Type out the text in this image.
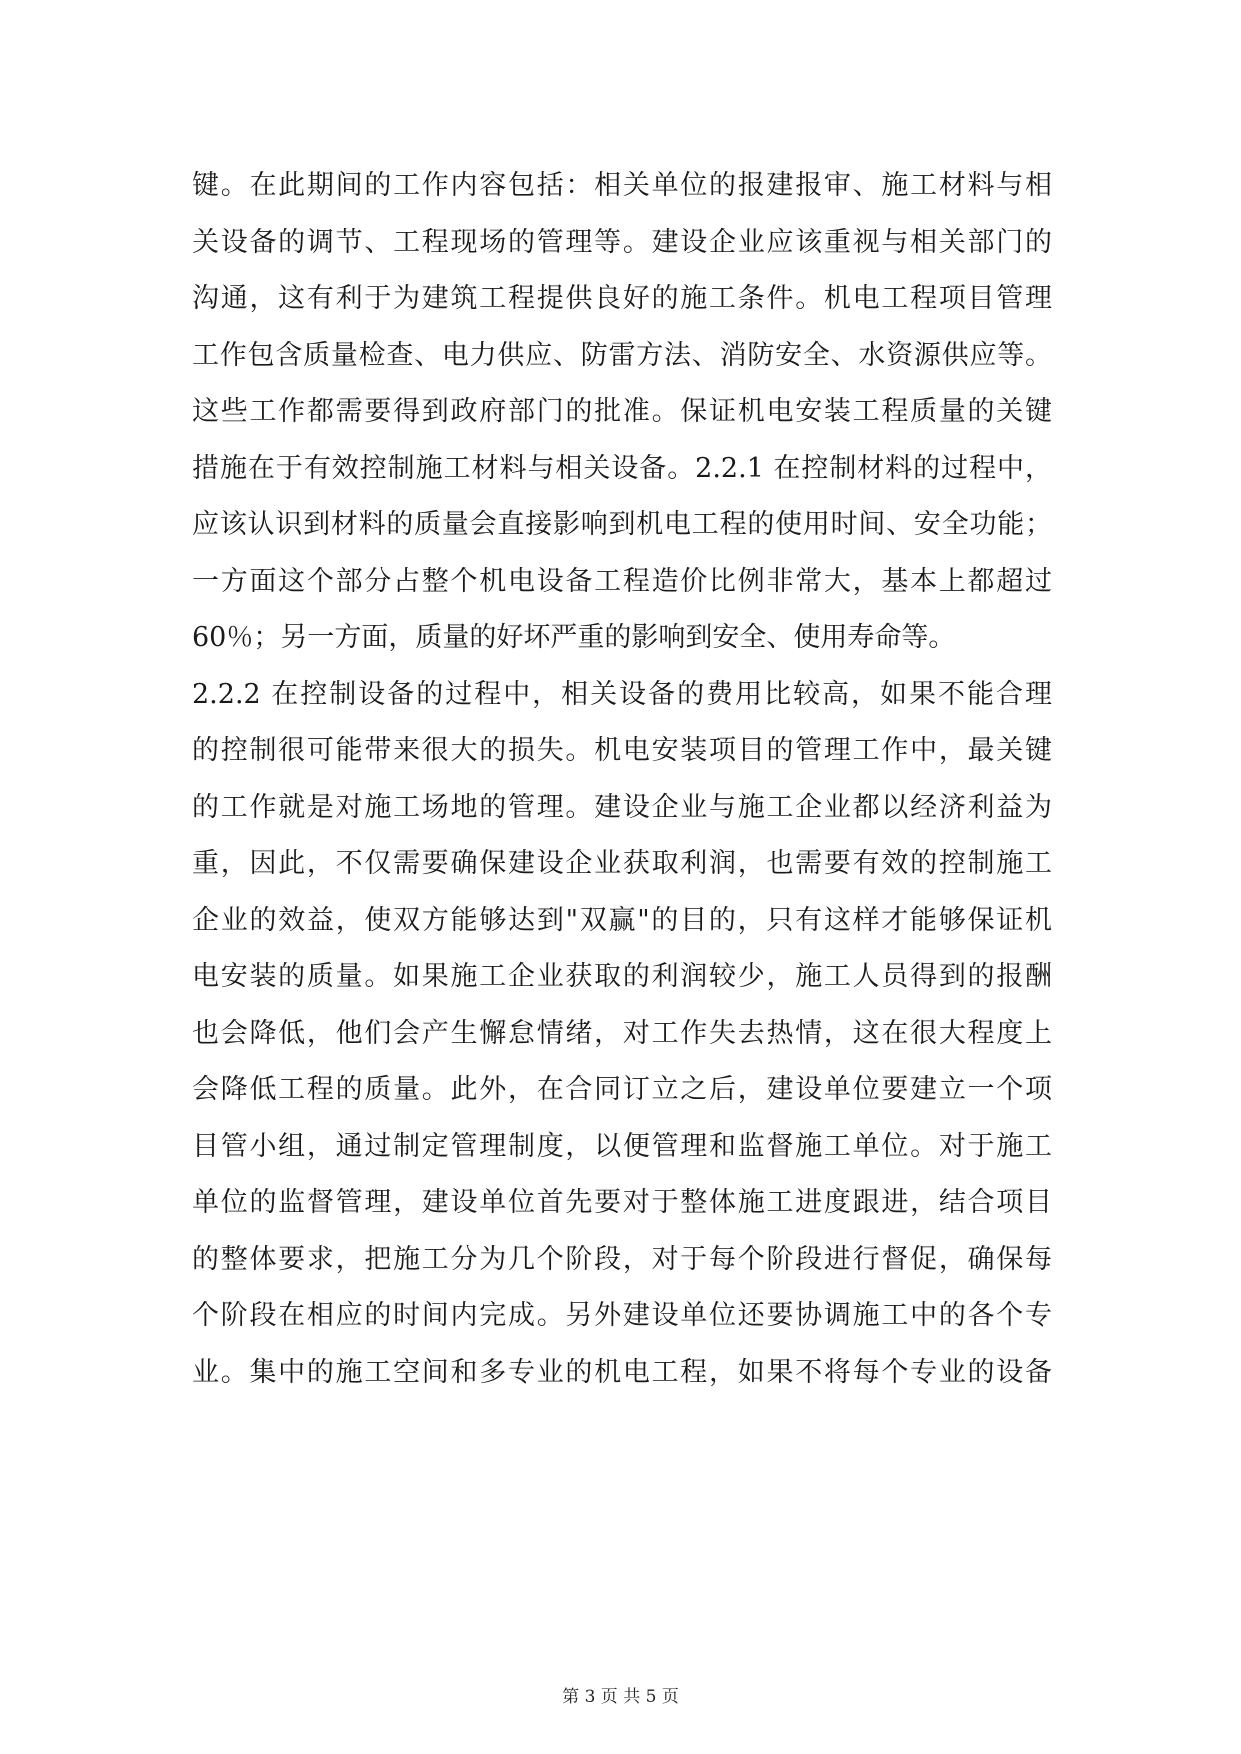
键。在此期间的工作内容包括：相关单位的报建报审、施工材料与相
关设备的调节、工程现场的管理等。建设企业应该重视与相关部门的
沟通，这有利于为建筑工程提供良好的施工条件。机电工程项目管理
工作包含质量检查、电力供应、防雷方法、消防安全、水资源供应等。
这些工作都需要得到政府部门的批准。保证机电安装工程质量的关键
措施在于有效控制施工材料与相关设备。2.2.1 在控制材料的过程中，
应该认识到材料的质量会直接影响到机电工程的使用时间、安全功能；
一方面这个部分占整个机电设备工程造价比例非常大，基本上都超过
60％；另一方面，质量的好坏严重的影响到安全、使用寿命等。
2.2.2 在控制设备的过程中，相关设备的费用比较高，如果不能合理
的控制很可能带来很大的损失。机电安装项目的管理工作中，最关键
的工作就是对施工场地的管理。建设企业与施工企业都以经济利益为
重，因此，不仅需要确保建设企业获取利润，也需要有效的控制施工
企业的效益，使双方能够达到"双赢"的目的，只有这样才能够保证机
电安装的质量。如果施工企业获取的利润较少，施工人员得到的报酬
也会降低，他们会产生懈怠情绪，对工作失去热情，这在很大程度上
会降低工程的质量。此外，在合同订立之后，建设单位要建立一个项
目管小组，通过制定管理制度，以便管理和监督施工单位。对于施工
单位的监督管理，建设单位首先要对于整体施工进度跟进，结合项目
的整体要求，把施工分为几个阶段，对于每个阶段进行督促，确保每
个阶段在相应的时间内完成。另外建设单位还要协调施工中的各个专
业。集中的施工空间和多专业的机电工程，如果不将每个专业的设备
第 3 页 共 5 页
